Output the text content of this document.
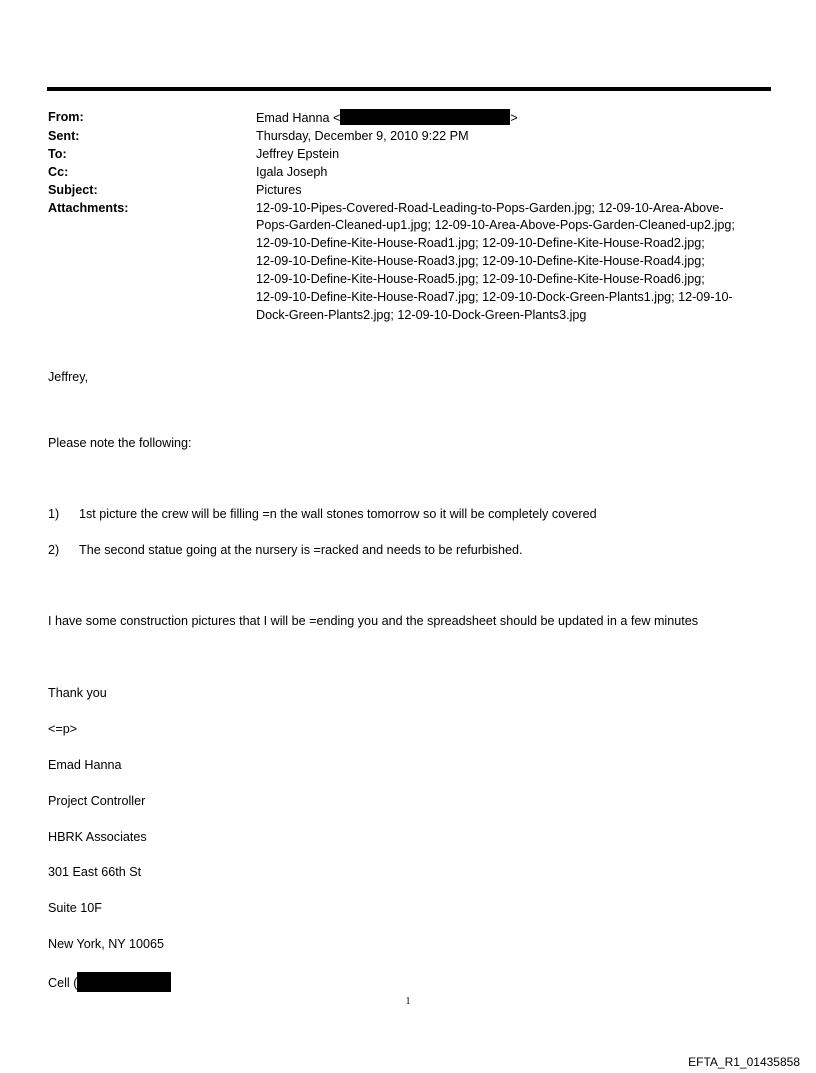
From:	Emad Hanna <	>
Sent:	Thursday, December 9, 2010 9:22 PM
To:	Jeffrey Epstein
Cc:	Igala Joseph
Subject:	Pictures
Attachments:	12-09-10-Pipes-Covered-Road-Leading-to-Pops-Garden.jpg; 12-09-10-Area-Above-
Pops-Garden-Cleaned-up1.jpg; 12-09-10-Area-Above-Pops-Garden-Cleaned-up2.jpg;
12-09-10-Define-Kite-House-Road1.jpg; 12-09-10-Define-Kite-House-Road2.jpg;
12-09-10-Define-Kite-House-Road3.jpg; 12-09-10-Define-Kite-House-Road4.jpg;
12-09-10-Define-Kite-House-Road5.jpg; 12-09-10-Define-Kite-House-Road6.jpg;
12-09-10-Define-Kite-House-Road7.jpg; 12-09-10-Dock-Green-Plants1.jpg; 12-09-10-
Dock-Green-Plants2.jpg; 12-09-10-Dock-Green-Plants3.jpg
Jeffrey,
Please note the following:
1) 1st picture the crew will be filling =n the wall stones tomorrow so it will be completely covered
2) The second statue going at the nursery is =racked and needs to be refurbished.
I have some construction pictures that I will be =ending you and the spreadsheet should be updated in a few minutes
Thank you
<=p>
Emad Hanna
Project Controller
HBRK Associates
301 East 66th St
Suite 10F
New York, NY 10065
Cell (
1
EFTA_R1_01435858
